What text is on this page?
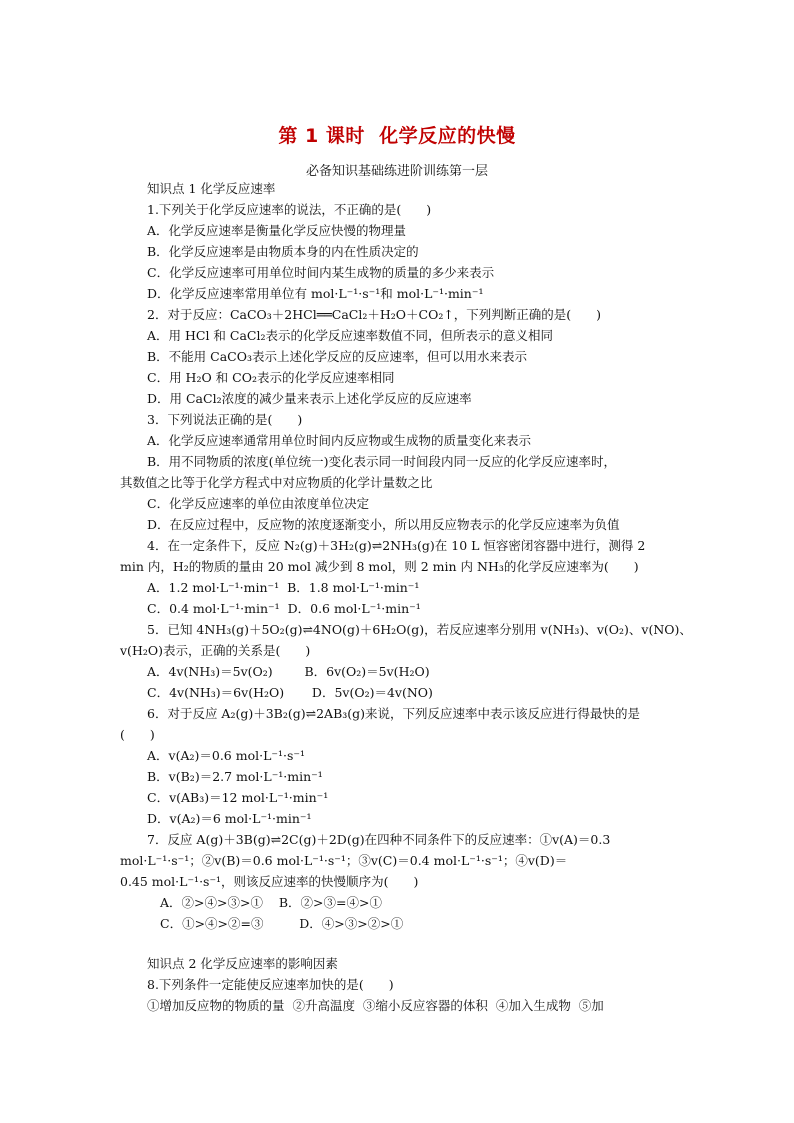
第 1 课时  化学反应的快慢
必备知识基础练进阶训练第一层
知识点 1 化学反应速率
1.下列关于化学反应速率的说法，不正确的是(　　)
A．化学反应速率是衡量化学反应快慢的物理量
B．化学反应速率是由物质本身的内在性质决定的
C．化学反应速率可用单位时间内某生成物的质量的多少来表示
D．化学反应速率常用单位有 mol·L⁻¹·s⁻¹和 mol·L⁻¹·min⁻¹
2．对于反应：CaCO₃＋2HCl══CaCl₂＋H₂O＋CO₂↑，下列判断正确的是(　　)
A．用 HCl 和 CaCl₂表示的化学反应速率数值不同，但所表示的意义相同
B．不能用 CaCO₃表示上述化学反应的反应速率，但可以用水来表示
C．用 H₂O 和 CO₂表示的化学反应速率相同
D．用 CaCl₂浓度的减少量来表示上述化学反应的反应速率
3．下列说法正确的是(　　)
A．化学反应速率通常用单位时间内反应物或生成物的质量变化来表示
B．用不同物质的浓度(单位统一)变化表示同一时间段内同一反应的化学反应速率时，
其数值之比等于化学方程式中对应物质的化学计量数之比
C．化学反应速率的单位由浓度单位决定
D．在反应过程中，反应物的浓度逐渐变小，所以用反应物表示的化学反应速率为负值
4．在一定条件下，反应 N₂(g)＋3H₂(g)⇌2NH₃(g)在 10 L 恒容密闭容器中进行，测得 2
min 内，H₂的物质的量由 20 mol 减少到 8 mol，则 2 min 内 NH₃的化学反应速率为(　　)
A．1.2 mol·L⁻¹·min⁻¹  B．1.8 mol·L⁻¹·min⁻¹
C．0.4 mol·L⁻¹·min⁻¹  D．0.6 mol·L⁻¹·min⁻¹
5．已知 4NH₃(g)＋5O₂(g)⇌4NO(g)＋6H₂O(g)，若反应速率分别用 v(NH₃)、v(O₂)、v(NO)、
v(H₂O)表示，正确的关系是(　　)
A．4v(NH₃)＝5v(O₂)        B．6v(O₂)＝5v(H₂O)
C．4v(NH₃)＝6v(H₂O)       D．5v(O₂)＝4v(NO)
6．对于反应 A₂(g)＋3B₂(g)⇌2AB₃(g)来说，下列反应速率中表示该反应进行得最快的是
(　　)
A．v(A₂)＝0.6 mol·L⁻¹·s⁻¹
B．v(B₂)＝2.7 mol·L⁻¹·min⁻¹
C．v(AB₃)＝12 mol·L⁻¹·min⁻¹
D．v(A₂)＝6 mol·L⁻¹·min⁻¹
7．反应 A(g)＋3B(g)⇌2C(g)＋2D(g)在四种不同条件下的反应速率：①v(A)＝0.3
mol·L⁻¹·s⁻¹；②v(B)＝0.6 mol·L⁻¹·s⁻¹；③v(C)＝0.4 mol·L⁻¹·s⁻¹；④v(D)＝
0.45 mol·L⁻¹·s⁻¹，则该反应速率的快慢顺序为(　　)
A．②>④>③>①    B．②>③=④>①
C．①>④>②=③         D．④>③>②>①
知识点 2 化学反应速率的影响因素
8.下列条件一定能使反应速率加快的是(　　)
①增加反应物的物质的量  ②升高温度  ③缩小反应容器的体积  ④加入生成物  ⑤加
